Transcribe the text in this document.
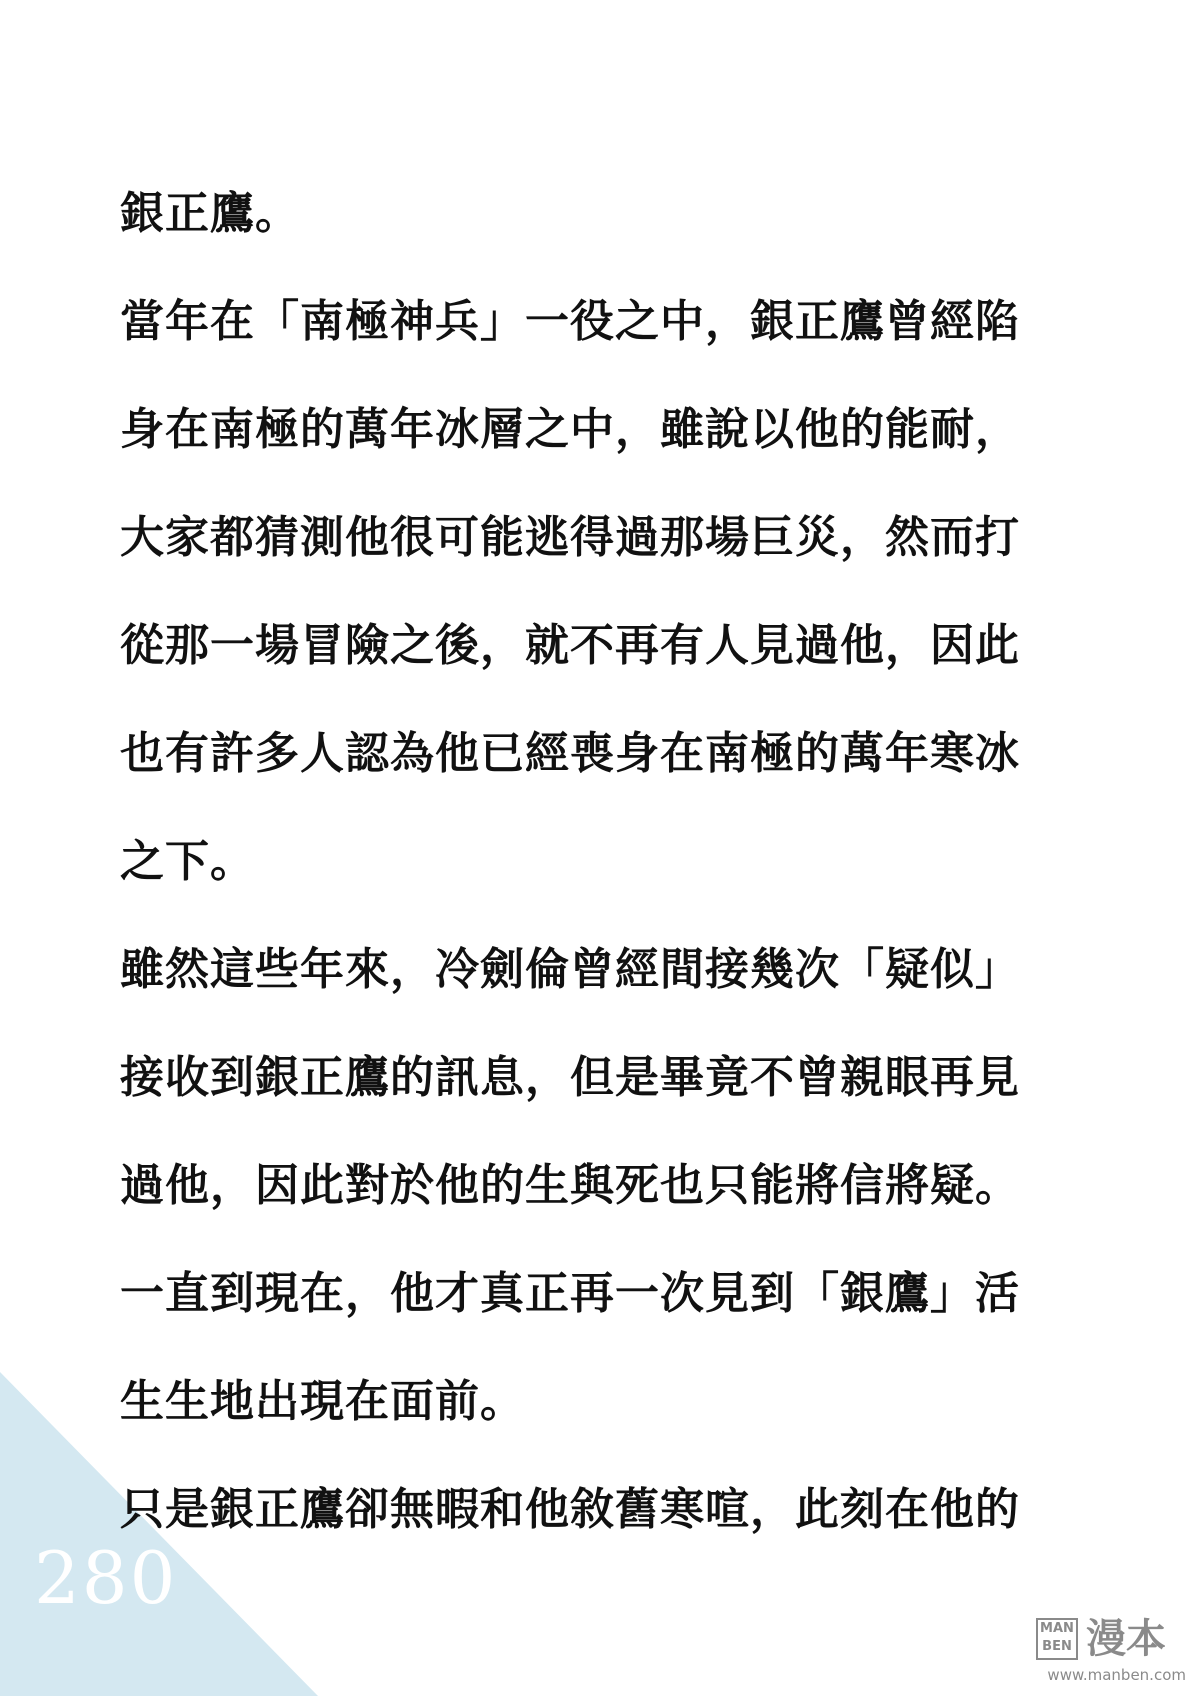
銀正鷹。
當年在「南極神兵」一役之中，銀正鷹曾經陷
身在南極的萬年冰層之中，雖說以他的能耐，
大家都猜測他很可能逃得過那場巨災，然而打
從那一場冒險之後，就不再有人見過他，因此
也有許多人認為他已經喪身在南極的萬年寒冰
之下。
雖然這些年來，冷劍倫曾經間接幾次「疑似」
接收到銀正鷹的訊息，但是畢竟不曾親眼再見
過他，因此對於他的生與死也只能將信將疑。
一直到現在，他才真正再一次見到「銀鷹」活
生生地出現在面前。
只是銀正鷹卻無暇和他敘舊寒喧，此刻在他的
280
MAN
BEN 漫本
www.manben.com
